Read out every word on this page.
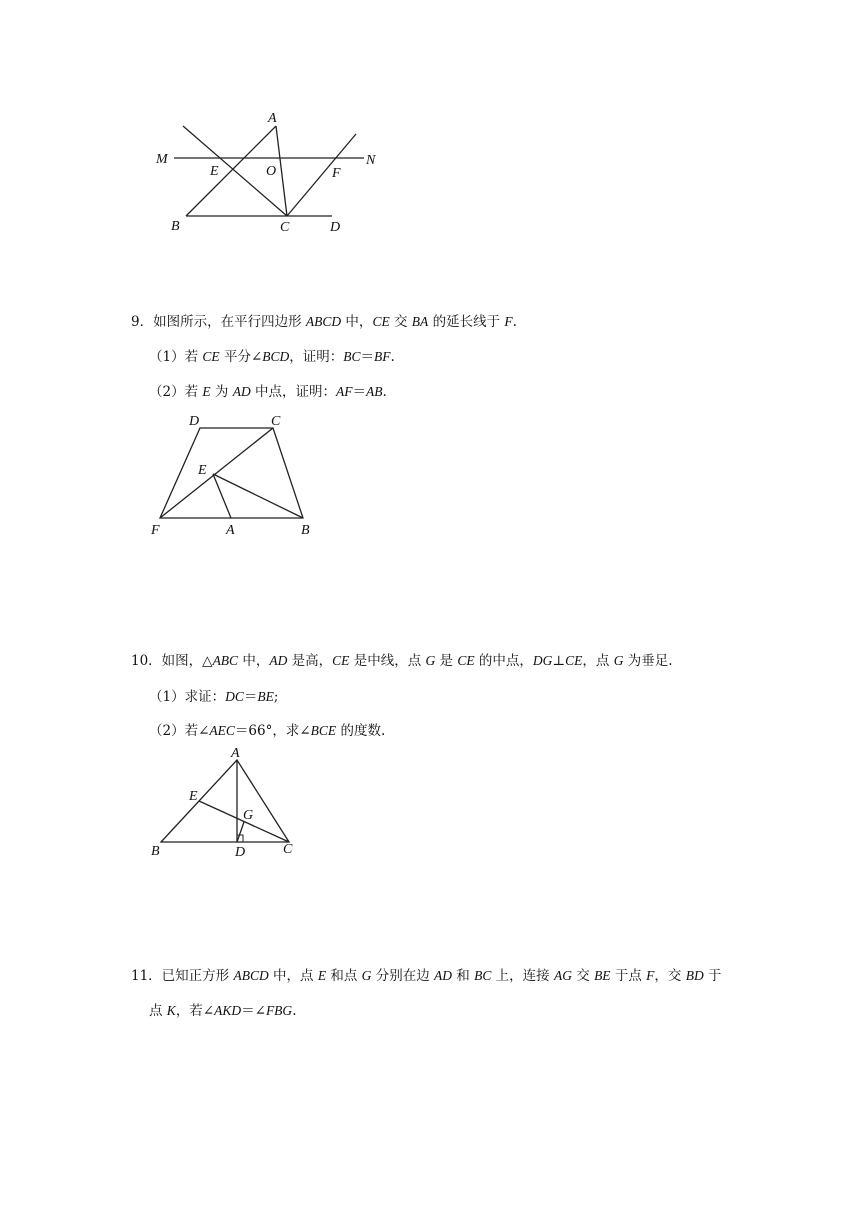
A
M	N
E	O	F
B	C	D
9．如图所示，在平行四边形 ABCD 中，CE 交 BA 的延长线于 F.
（1）若 CE 平分∠BCD，证明：BC＝BF.
（2）若 E 为 AD 中点，证明：AF＝AB.
D	C
E
F	A	B
10．如图，△ABC 中，AD 是高，CE 是中线，点 G 是 CE 的中点，DG⊥CE，点 G 为垂足.
（1）求证：DC＝BE;
（2）若∠AEC＝66°，求∠BCE 的度数.
A
E
G
B	D	C
11．已知正方形 ABCD 中，点 E 和点 G 分别在边 AD 和 BC 上，连接 AG 交 BE 于点 F，交 BD 于
点 K，若∠AKD＝∠FBG.
